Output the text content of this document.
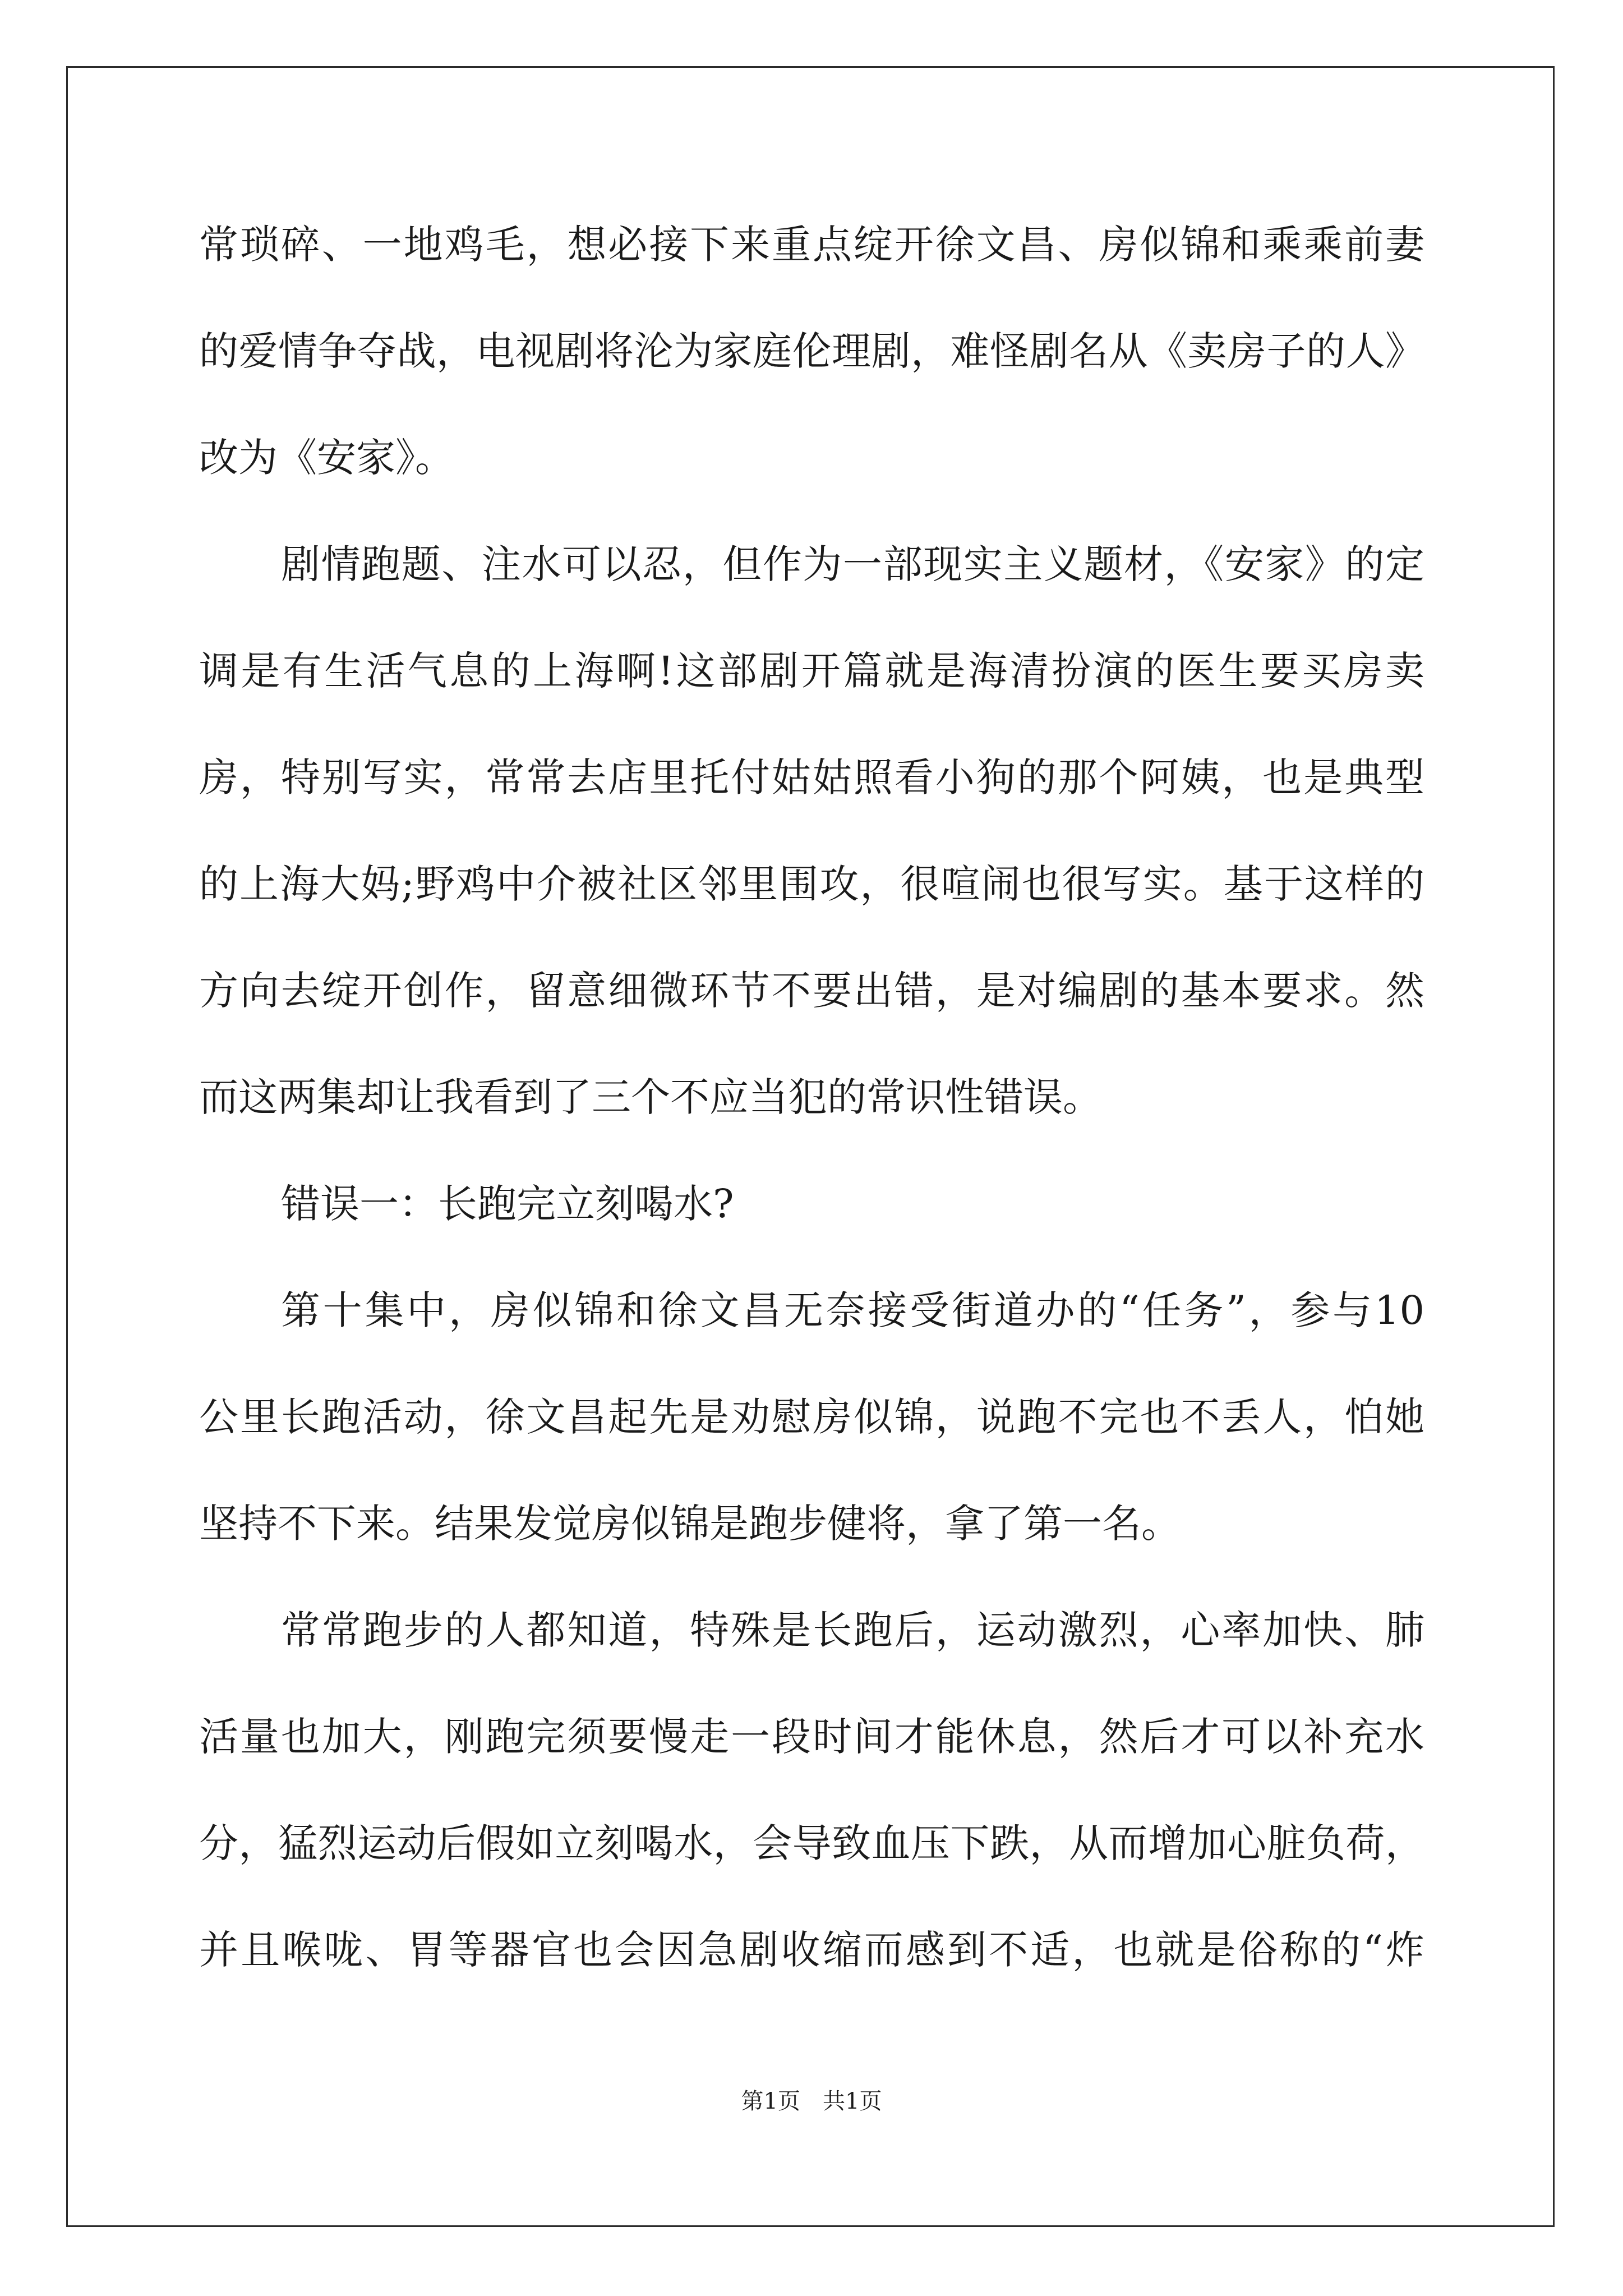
常琐碎、一地鸡毛，想必接下来重点绽开徐文昌、房似锦和乘乘前妻
的爱情争夺战，电视剧将沦为家庭伦理剧，难怪剧名从《卖房子的人》
改为《安家》。
剧情跑题、注水可以忍，但作为一部现实主义题材，《安家》的定
调是有生活气息的上海啊!这部剧开篇就是海清扮演的医生要买房卖
房，特别写实，常常去店里托付姑姑照看小狗的那个阿姨，也是典型
的上海大妈;野鸡中介被社区邻里围攻，很喧闹也很写实。基于这样的
方向去绽开创作，留意细微环节不要出错，是对编剧的基本要求。然
而这两集却让我看到了三个不应当犯的常识性错误。
错误一：长跑完立刻喝水?
第十集中，房似锦和徐文昌无奈接受街道办的“任务”，参与10
公里长跑活动，徐文昌起先是劝慰房似锦，说跑不完也不丢人，怕她
坚持不下来。结果发觉房似锦是跑步健将，拿了第一名。
常常跑步的人都知道，特殊是长跑后，运动激烈，心率加快、肺
活量也加大，刚跑完须要慢走一段时间才能休息，然后才可以补充水
分，猛烈运动后假如立刻喝水，会导致血压下跌，从而增加心脏负荷，
并且喉咙、胃等器官也会因急剧收缩而感到不适，也就是俗称的“炸
第1页　共1页
